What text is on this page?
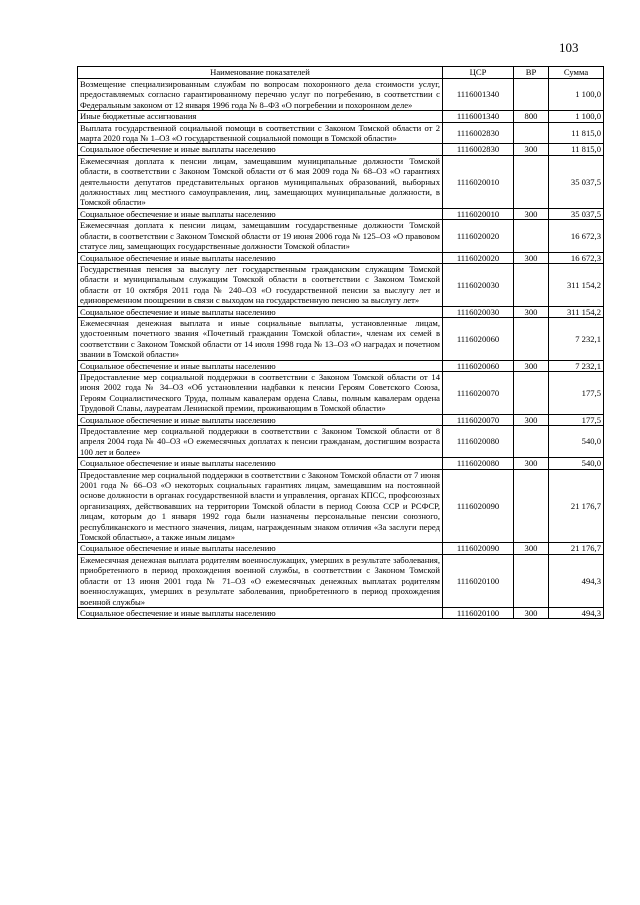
103
Наименование показателей	ЦСР	ВР	Сумма
Возмещение специализированным службам по вопросам похоронного дела стоимости услуг, предоставляемых согласно гарантированному перечню услуг по погребению, в соответствии с Федеральным законом от 12 января 1996 года № 8–ФЗ «О погребении и похоронном деле»	1116001340		1 100,0
Иные бюджетные ассигнования	1116001340	800	1 100,0
Выплата государственной социальной помощи в соответствии с Законом Томской области от 2 марта 2020 года № 1–ОЗ «О государственной социальной помощи в Томской области»	1116002830		11 815,0
Социальное обеспечение и иные выплаты населению	1116002830	300	11 815,0
Ежемесячная доплата к пенсии лицам, замещавшим муниципальные должности Томской области, в соответствии с Законом Томской области от 6 мая 2009 года № 68–ОЗ «О гарантиях деятельности депутатов представительных органов муниципальных образований, выборных должностных лиц местного самоуправления, лиц, замещающих муниципальные должности, в Томской области»	1116020010		35 037,5
Социальное обеспечение и иные выплаты населению	1116020010	300	35 037,5
Ежемесячная доплата к пенсии лицам, замещавшим государственные должности Томской области, в соответствии с Законом Томской области от 19 июня 2006 года № 125–ОЗ «О правовом статусе лиц, замещающих государственные должности Томской области»	1116020020		16 672,3
Социальное обеспечение и иные выплаты населению	1116020020	300	16 672,3
Государственная пенсия за выслугу лет государственным гражданским служащим Томской области и муниципальным служащим Томской области в соответствии с Законом Томской области от 10 октября 2011 года № 240–ОЗ «О государственной пенсии за выслугу лет и единовременном поощрении в связи с выходом на государственную пенсию за выслугу лет»	1116020030		311 154,2
Социальное обеспечение и иные выплаты населению	1116020030	300	311 154,2
Ежемесячная денежная выплата и иные социальные выплаты, установленные лицам, удостоенным почетного звания «Почетный гражданин Томской области», членам их семей в соответствии с Законом Томской области от 14 июля 1998 года № 13–ОЗ «О наградах и почетном звании в Томской области»	1116020060		7 232,1
Социальное обеспечение и иные выплаты населению	1116020060	300	7 232,1
Предоставление мер социальной поддержки в соответствии с Законом Томской области от 14 июня 2002 года № 34–ОЗ «Об установлении надбавки к пенсии Героям Советского Союза, Героям Социалистического Труда, полным кавалерам ордена Славы, полным кавалерам ордена Трудовой Славы, лауреатам Ленинской премии, проживающим в Томской области»	1116020070		177,5
Социальное обеспечение и иные выплаты населению	1116020070	300	177,5
Предоставление мер социальной поддержки в соответствии с Законом Томской области от 8 апреля 2004 года № 40–ОЗ «О ежемесячных доплатах к пенсии гражданам, достигшим возраста 100 лет и более»	1116020080		540,0
Социальное обеспечение и иные выплаты населению	1116020080	300	540,0
Предоставление мер социальной поддержки в соответствии с Законом Томской области от 7 июня 2001 года № 66–ОЗ «О некоторых социальных гарантиях лицам, замещавшим на постоянной основе должности в органах государственной власти и управления, органах КПСС, профсоюзных организациях, действовавших на территории Томской области в период Союза ССР и РСФСР, лицам, которым до 1 января 1992 года были назначены персональные пенсии союзного, республиканского и местного значения, лицам, награжденным знаком отличия «За заслуги перед Томской областью», а также иным лицам»	1116020090		21 176,7
Социальное обеспечение и иные выплаты населению	1116020090	300	21 176,7
Ежемесячная денежная выплата родителям военнослужащих, умерших в результате заболевания, приобретенного в период прохождения военной службы, в соответствии с Законом Томской области от 13 июня 2001 года № 71–ОЗ «О ежемесячных денежных выплатах родителям военнослужащих, умерших в результате заболевания, приобретенного в период прохождения военной службы»	1116020100		494,3
Социальное обеспечение и иные выплаты населению	1116020100	300	494,3
